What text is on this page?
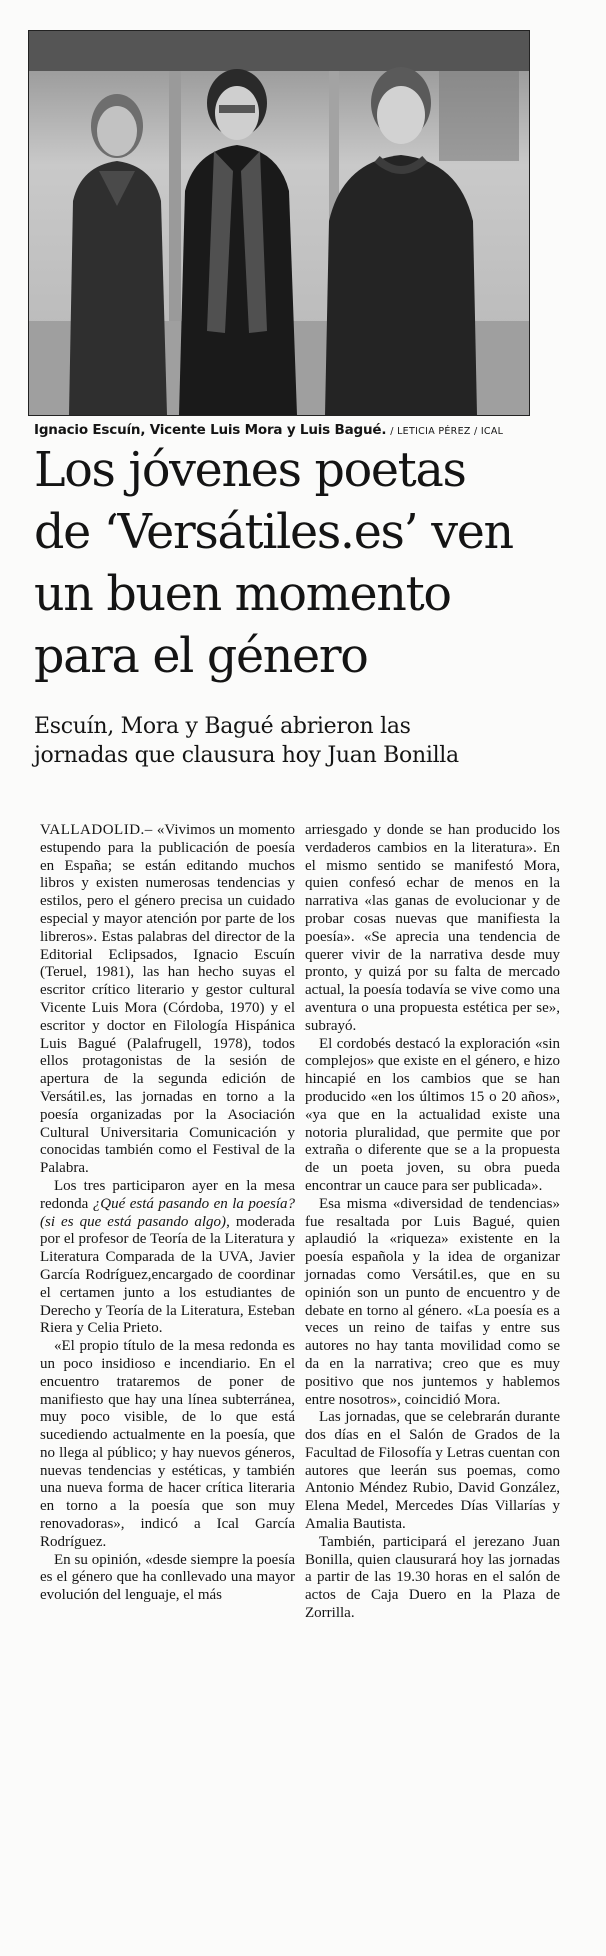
Ignacio Escuín, Vicente Luis Mora y Luis Bagué. / LETICIA PÉREZ / ICAL
Los jóvenes poetas
de ‘Versátiles.es’ ven
un buen momento
para el género
Escuín, Mora y Bagué abrieron las
jornadas que clausura hoy Juan Bonilla

VALLADOLID.– «Vivimos un momento estupendo para la publicación de poesía en España; se están editando muchos libros y existen numerosas tendencias y estilos, pero el género precisa un cuidado especial y mayor atención por parte de los libreros». Estas palabras del director de la Editorial Eclipsados, Ignacio Escuín (Teruel, 1981), las han hecho suyas el escritor crítico literario y gestor cultural Vicente Luis Mora (Córdoba, 1970) y el escritor y doctor en Filología Hispánica Luis Bagué (Palafrugell, 1978), todos ellos protagonistas de la sesión de apertura de la segunda edición de Versátil.es, las jornadas en torno a la poesía organizadas por la Asociación Cultural Universitaria Comunicación y conocidas también como el Festival de la Palabra.

Los tres participaron ayer en la mesa redonda ¿Qué está pasando en la poesía? (si es que está pasando algo), moderada por el profesor de Teoría de la Literatura y Literatura Comparada de la UVA, Javier García Rodríguez,encargado de coordinar el certamen junto a los estudiantes de Derecho y Teoría de la Literatura, Esteban Riera y Celia Prieto.

«El propio título de la mesa redonda es un poco insidioso e incendiario. En el encuentro trataremos de poner de manifiesto que hay una línea subterránea, muy poco visible, de lo que está sucediendo actualmente en la poesía, que no llega al público; y hay nuevos géneros, nuevas tendencias y estéticas, y también una nueva forma de hacer crítica literaria en torno a la poesía que son muy renovadoras», indicó a Ical García Rodríguez.

En su opinión, «desde siempre la poesía es el género que ha conllevado una mayor evolución del lenguaje, el más

arriesgado y donde se han producido los verdaderos cambios en la literatura». En el mismo sentido se manifestó Mora, quien confesó echar de menos en la narrativa «las ganas de evolucionar y de probar cosas nuevas que manifiesta la poesía». «Se aprecia una tendencia de querer vivir de la narrativa desde muy pronto, y quizá por su falta de mercado actual, la poesía todavía se vive como una aventura o una propuesta estética per se», subrayó.

El cordobés destacó la exploración «sin complejos» que existe en el género, e hizo hincapié en los cambios que se han producido «en los últimos 15 o 20 años», «ya que en la actualidad existe una notoria pluralidad, que permite que por extraña o diferente que se a la propuesta de un poeta joven, su obra pueda encontrar un cauce para ser publicada».

Esa misma «diversidad de tendencias» fue resaltada por Luis Bagué, quien aplaudió la «riqueza» existente en la poesía española y la idea de organizar jornadas como Versátil.es, que en su opinión son un punto de encuentro y de debate en torno al género. «La poesía es a veces un reino de taifas y entre sus autores no hay tanta movilidad como se da en la narrativa; creo que es muy positivo que nos juntemos y hablemos entre nosotros», coincidió Mora.

Las jornadas, que se celebrarán durante dos días en el Salón de Grados de la Facultad de Filosofía y Letras cuentan con autores que leerán sus poemas, como Antonio Méndez Rubio, David González, Elena Medel, Mercedes Días Villarías y Amalia Bautista.

También, participará el jerezano Juan Bonilla, quien clausurará hoy las jornadas a partir de las 19.30 horas en el salón de actos de Caja Duero en la Plaza de Zorrilla.
